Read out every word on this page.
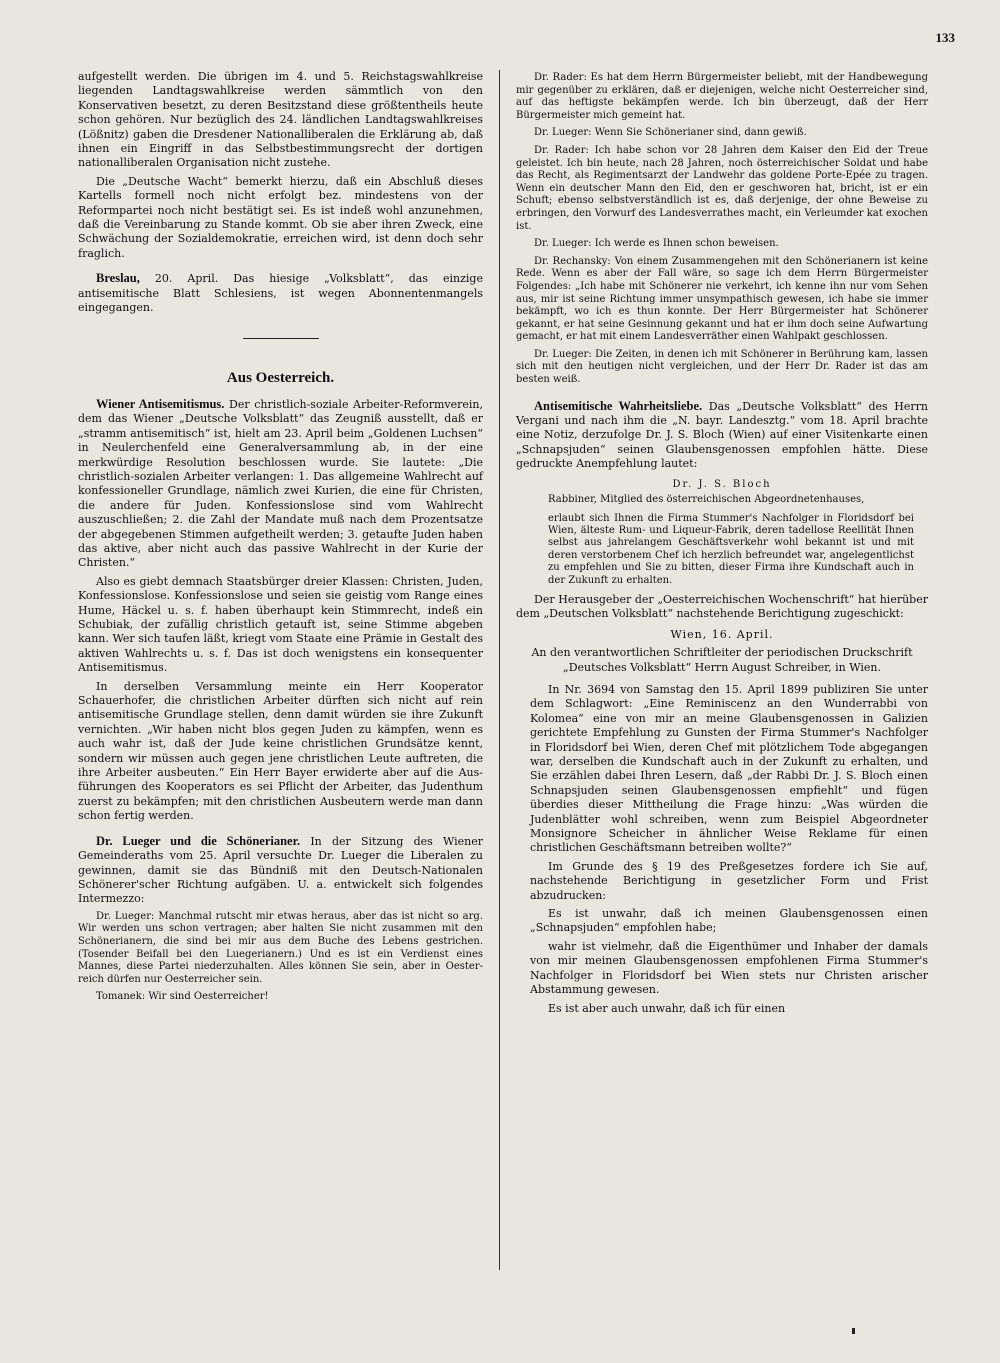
133

aufgestellt werden. Die übrigen im 4. und 5. Reichstagswahlkreise liegenden Landtagswahlkreise werden sämmtlich von den Konservativen besetzt, zu deren Besitzstand diese größtentheils heute schon gehören. Nur bezüglich des 24. ländlichen Landtagswahlkreises (Lößnitz) gaben die Dresdener Nationalliberalen die Erklärung ab, daß ihnen ein Eingriff in das Selbstbestimmungsrecht der dortigen nationalliberalen Organisation nicht zustehe.

Die „Deutsche Wacht“ bemerkt hierzu, daß ein Abschluß dieses Kartells formell noch nicht erfolgt bez. mindestens von der Reformpartei noch nicht bestätigt sei. Es ist indeß wohl anzunehmen, daß die Vereinbarung zu Stande kommt. Ob sie aber ihren Zweck, eine Schwächung der Sozialdemokratie, erreichen wird, ist denn doch sehr fraglich.

Breslau, 20. April. Das hiesige „Volksblatt“, das einzige antisemitische Blatt Schlesiens, ist wegen Abonnentenmangels eingegangen.

Aus Oesterreich.

Wiener Antisemitismus. Der christlich-soziale Arbeiter-Reformverein, dem das Wiener „Deutsche Volksblatt“ das Zeugniß ausstellt, daß er „stramm antisemitisch“ ist, hielt am 23. April beim „Goldenen Luchsen“ in Neulerchenfeld eine Generalversammlung ab, in der eine merkwürdige Resolution beschlossen wurde. Sie lautete: „Die christlich-sozialen Arbeiter verlangen: 1. Das allgemeine Wahlrecht auf konfessioneller Grundlage, nämlich zwei Kurien, die eine für Christen, die andere für Juden. Konfessionslose sind vom Wahlrecht auszuschließen; 2. die Zahl der Mandate muß nach dem Prozentsatze der abgegebenen Stimmen aufgetheilt werden; 3. getaufte Juden haben das aktive, aber nicht auch das passive Wahlrecht in der Kurie der Christen.“

Also es giebt demnach Staatsbürger dreier Klassen: Christen, Juden, Konfessionslose. Konfessionslose und seien sie geistig vom Range eines Hume, Häckel u. s. f. haben überhaupt kein Stimmrecht, indeß ein Schubiak, der zufällig christlich getauft ist, seine Stimme abgeben kann. Wer sich taufen läßt, kriegt vom Staate eine Prämie in Gestalt des aktiven Wahlrechts u. s. f. Das ist doch wenigstens ein konsequenter Antisemitismus.

In derselben Versammlung meinte ein Herr Kooperator Schauerhofer, die christlichen Arbeiter dürften sich nicht auf rein antisemitische Grundlage stellen, denn damit würden sie ihre Zukunft vernichten. „Wir haben nicht blos gegen Juden zu kämpfen, wenn es auch wahr ist, daß der Jude keine christlichen Grundsätze kennt, sondern wir müssen auch gegen jene christlichen Leute auftreten, die ihre Arbeiter ausbeuten.“ Ein Herr Bayer erwiderte aber auf die Ausführungen des Kooperators es sei Pflicht der Arbeiter, das Judenthum zuerst zu bekämpfen; mit den christlichen Ausbeutern werde man dann schon fertig werden.

Dr. Lueger und die Schönerianer. In der Sitzung des Wiener Gemeinderaths vom 25. April versuchte Dr. Lueger die Liberalen zu gewinnen, damit sie das Bündniß mit den Deutsch-Nationalen Schönerer'scher Richtung aufgäben. U. a. entwickelt sich folgendes Intermezzo:

Dr. Lueger: Manchmal rutscht mir etwas heraus, aber das ist nicht so arg. Wir werden uns schon vertragen; aber halten Sie nicht zusammen mit den Schönerianern, die sind bei mir aus dem Buche des Lebens gestrichen. (Tosender Beifall bei den Luegerianern.) Und es ist ein Verdienst eines Mannes, diese Partei niederzuhalten. Alles können Sie sein, aber in Oesterreich dürfen nur Oesterreicher sein.

Tomanek: Wir sind Oesterreicher!

Dr. Rader: Es hat dem Herrn Bürgermeister beliebt, mit der Handbewegung mir gegenüber zu erklären, daß er diejenigen, welche nicht Oesterreicher sind, auf das heftigste bekämpfen werde. Ich bin überzeugt, daß der Herr Bürgermeister mich gemeint hat.

Dr. Lueger: Wenn Sie Schönerianer sind, dann gewiß.

Dr. Rader: Ich habe schon vor 28 Jahren dem Kaiser den Eid der Treue geleistet. Ich bin heute, nach 28 Jahren, noch österreichischer Soldat und habe das Recht, als Regimentsarzt der Landwehr das goldene Porte-Epée zu tragen. Wenn ein deutscher Mann den Eid, den er geschworen hat, bricht, ist er ein Schuft; ebenso selbstverständlich ist es, daß derjenige, der ohne Beweise zu erbringen, den Vorwurf des Landesverrathes macht, ein Verleumder kat exochen ist.

Dr. Lueger: Ich werde es Ihnen schon beweisen.

Dr. Rechansky: Von einem Zusammengehen mit den Schönerianern ist keine Rede. Wenn es aber der Fall wäre, so sage ich dem Herrn Bürgermeister Folgendes: „Ich habe mit Schönerer nie verkehrt, ich kenne ihn nur vom Sehen aus, mir ist seine Richtung immer unsympathisch gewesen, ich habe sie immer bekämpft, wo ich es thun konnte. Der Herr Bürgermeister hat Schönerer gekannt, er hat seine Gesinnung gekannt und hat er ihm doch seine Aufwartung gemacht, er hat mit einem Landesverräther einen Wahlpakt geschlossen.

Dr. Lueger: Die Zeiten, in denen ich mit Schönerer in Berührung kam, lassen sich mit den heutigen nicht vergleichen, und der Herr Dr. Rader ist das am besten weiß.

Antisemitische Wahrheitsliebe. Das „Deutsche Volksblatt“ des Herrn Vergani und nach ihm die „N. bayr. Landesztg.“ vom 18. April brachte eine Notiz, derzufolge Dr. J. S. Bloch (Wien) auf einer Visitenkarte einen „Schnapsjuden“ seinen Glaubensgenossen empfohlen hätte. Diese gedruckte Anempfehlung lautet:

Dr. J. S. Bloch

Rabbiner, Mitglied des österreichischen Abgeordnetenhauses,

erlaubt sich Ihnen die Firma Stummer's Nachfolger in Floridsdorf bei Wien, älteste Rum- und Liqueur-Fabrik, deren tadellose Reellität Ihnen selbst aus jahrelangem Geschäftsverkehr wohl bekannt ist und mit deren verstorbenem Chef ich herzlich befreundet war, angelegentlichst zu empfehlen und Sie zu bitten, dieser Firma ihre Kundschaft auch in der Zukunft zu erhalten.

Der Herausgeber der „Oesterreichischen Wochenschrift“ hat hierüber dem „Deutschen Volksblatt“ nachstehende Berichtigung zugeschickt:

Wien, 16. April.
An den verantwortlichen Schriftleiter der periodischen Druckschrift „Deutsches Volksblatt“ Herrn August Schreiber, in Wien.

In Nr. 3694 von Samstag den 15. April 1899 publiziren Sie unter dem Schlagwort: „Eine Reminiscenz an den Wunderrabbi von Kolomea“ eine von mir an meine Glaubensgenossen in Galizien gerichtete Empfehlung zu Gunsten der Firma Stummer's Nachfolger in Floridsdorf bei Wien, deren Chef mit plötzlichem Tode abgegangen war, derselben die Kundschaft auch in der Zukunft zu erhalten, und Sie erzählen dabei Ihren Lesern, daß „der Rabbi Dr. J. S. Bloch einen Schnapsjuden seinen Glaubensgenossen empfiehlt“ und fügen überdies dieser Mittheilung die Frage hinzu: „Was würden die Judenblätter wohl schreiben, wenn zum Beispiel Abgeordneter Monsignore Scheicher in ähnlicher Weise Reklame für einen christlichen Geschäftsmann betreiben wollte?“

Im Grunde des § 19 des Preßgesetzes fordere ich Sie auf, nachstehende Berichtigung in gesetzlicher Form und Frist abzudrucken:

Es ist unwahr, daß ich meinen Glaubensgenossen einen „Schnapsjuden“ empfohlen habe;

wahr ist vielmehr, daß die Eigenthümer und Inhaber der damals von mir meinen Glaubensgenossen empfohlenen Firma Stummer's Nachfolger in Floridsdorf bei Wien stets nur Christen arischer Abstammung gewesen.

Es ist aber auch unwahr, daß ich für einen
